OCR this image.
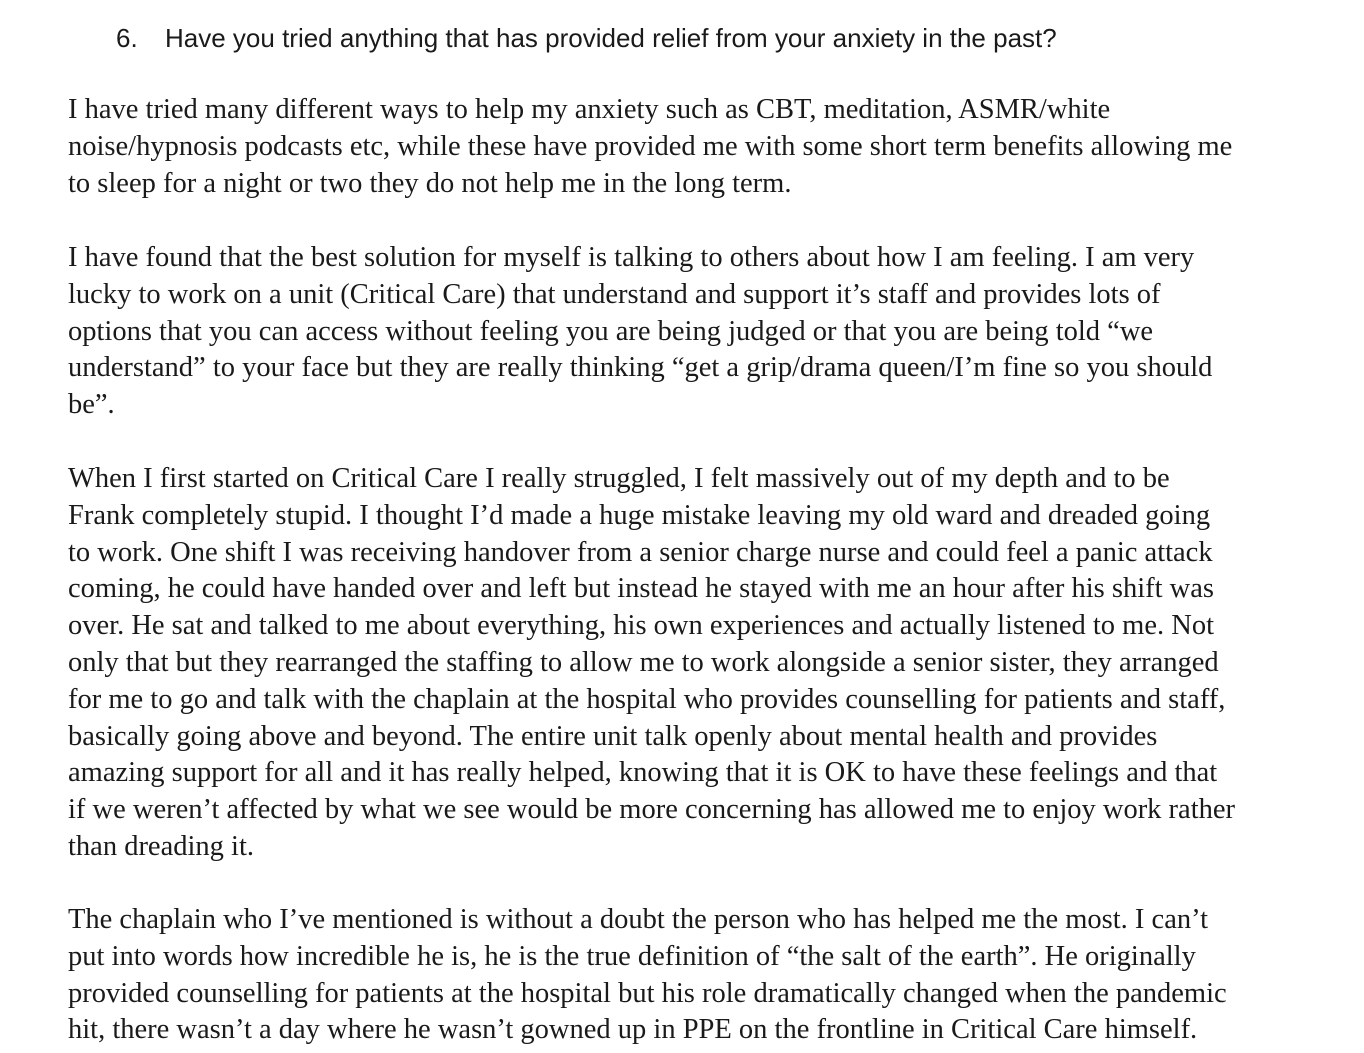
6. Have you tried anything that has provided relief from your anxiety in the past?
I have tried many different ways to help my anxiety such as CBT, meditation, ASMR/white
noise/hypnosis podcasts etc, while these have provided me with some short term benefits allowing me
to sleep for a night or two they do not help me in the long term.
I have found that the best solution for myself is talking to others about how I am feeling. I am very
lucky to work on a unit (Critical Care) that understand and support it’s staff and provides lots of
options that you can access without feeling you are being judged or that you are being told “we
understand” to your face but they are really thinking “get a grip/drama queen/I’m fine so you should
be”.
When I first started on Critical Care I really struggled, I felt massively out of my depth and to be
Frank completely stupid. I thought I’d made a huge mistake leaving my old ward and dreaded going
to work. One shift I was receiving handover from a senior charge nurse and could feel a panic attack
coming, he could have handed over and left but instead he stayed with me an hour after his shift was
over. He sat and talked to me about everything, his own experiences and actually listened to me. Not
only that but they rearranged the staffing to allow me to work alongside a senior sister, they arranged
for me to go and talk with the chaplain at the hospital who provides counselling for patients and staff,
basically going above and beyond. The entire unit talk openly about mental health and provides
amazing support for all and it has really helped, knowing that it is OK to have these feelings and that
if we weren’t affected by what we see would be more concerning has allowed me to enjoy work rather
than dreading it.
The chaplain who I’ve mentioned is without a doubt the person who has helped me the most. I can’t
put into words how incredible he is, he is the true definition of “the salt of the earth”. He originally
provided counselling for patients at the hospital but his role dramatically changed when the pandemic
hit, there wasn’t a day where he wasn’t gowned up in PPE on the frontline in Critical Care himself.
